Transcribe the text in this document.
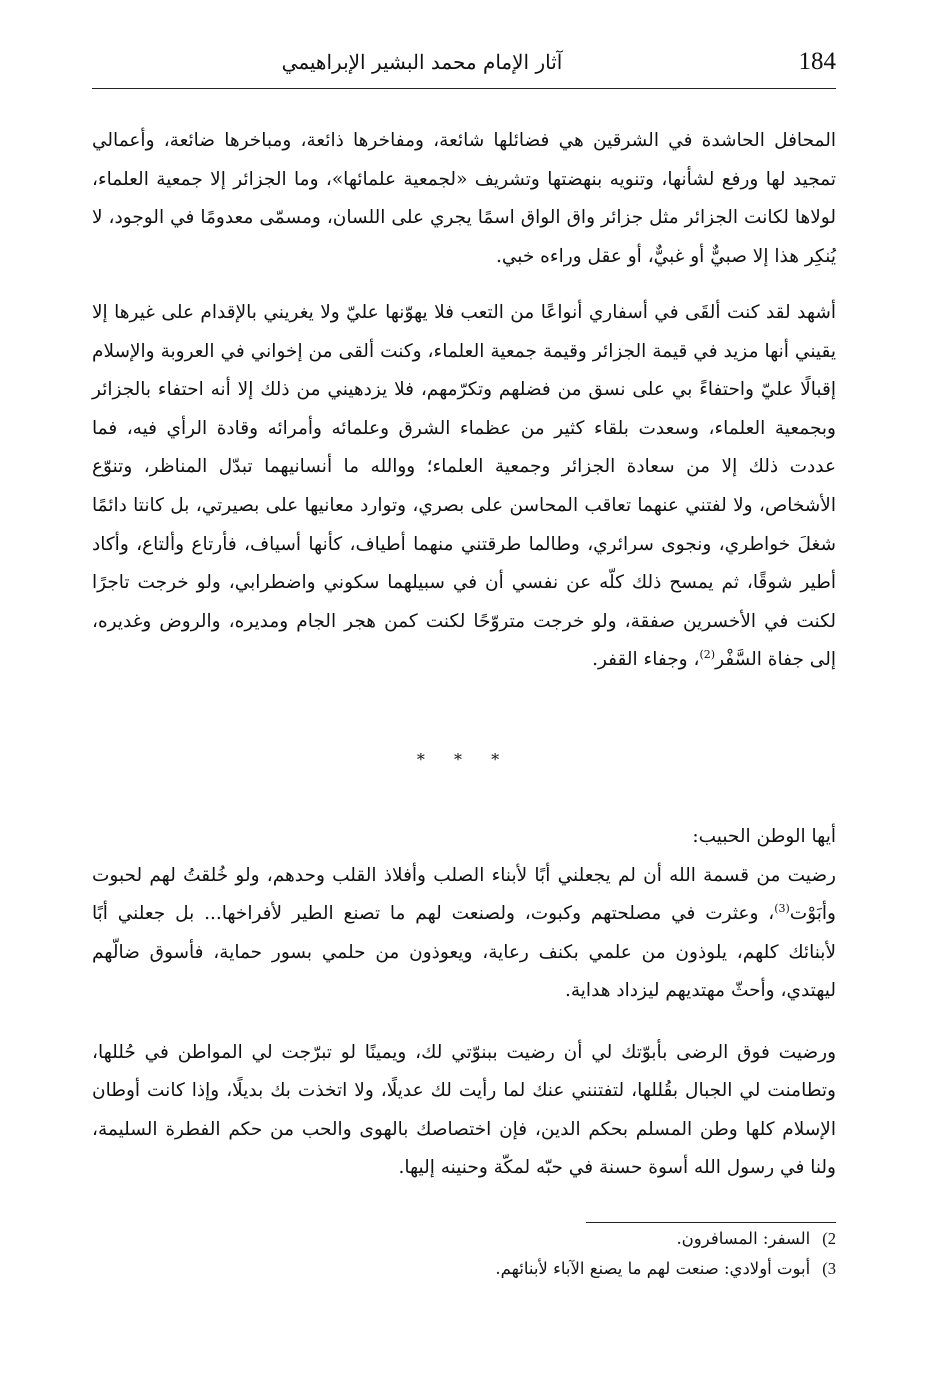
184
آثار الإمام محمد البشير الإبراهيمي

المحافل الحاشدة في الشرقين هي فضائلها شائعة، ومفاخرها ذائعة، ومباخرها ضائعة، وأعمالي تمجيد لها ورفع لشأنها، وتنويه بنهضتها وتشريف «لجمعية علمائها»، وما الجزائر إلا جمعية العلماء، لولاها لكانت الجزائر مثل جزائر واق الواق اسمًا يجري على اللسان، ومسمّى معدومًا في الوجود، لا يُنكِر هذا إلا صبيٌّ أو غبيٌّ، أو عقل وراءه خبي.

أشهد لقد كنت ألقَى في أسفاري أنواعًا من التعب فلا يهوّنها عليّ ولا يغريني بالإقدام على غيرها إلا يقيني أنها مزيد في قيمة الجزائر وقيمة جمعية العلماء، وكنت ألقى من إخواني في العروبة والإسلام إقبالًا عليّ واحتفاءً بي على نسق من فضلهم وتكرّمهم، فلا يزدهيني من ذلك إلا أنه احتفاء بالجزائر وبجمعية العلماء، وسعدت بلقاء كثير من عظماء الشرق وعلمائه وأمرائه وقادة الرأي فيه، فما عددت ذلك إلا من سعادة الجزائر وجمعية العلماء؛ ووالله ما أنسانيهما تبدّل المناظر، وتنوّع الأشخاص، ولا لفتني عنهما تعاقب المحاسن على بصري، وتوارد معانيها على بصيرتي، بل كانتا دائمًا شغلَ خواطري، ونجوى سرائري، وطالما طرقتني منهما أطياف، كأنها أسياف، فأرتاع وألتاع، وأكاد أطير شوقًا، ثم يمسح ذلك كلّه عن نفسي أن في سبيلهما سكوني واضطرابي، ولو خرجت تاجرًا لكنت في الأخسرين صفقة، ولو خرجت متروّحًا لكنت كمن هجر الجام ومديره، والروض وغديره، إلى جفاة السَّفْر$^{(2)}$، وجفاء القفر.

* * *
أيها الوطن الحبيب:

رضيت من قسمة الله أن لم يجعلني أبًا لأبناء الصلب وأفلاذ القلب وحدهم، ولو خُلقتُ لهم لحبوت وأبَوْت$^{(3)}$، وعثرت في مصلحتهم وكبوت، ولصنعت لهم ما تصنع الطير لأفراخها... بل جعلني أبًا لأبنائك كلهم، يلوذون من علمي بكنف رعاية، ويعوذون من حلمي بسور حماية، فأسوق ضالّهم ليهتدي، وأحثّ مهتديهم ليزداد هداية.

ورضيت فوق الرضى بأبوّتك لي أن رضيت ببنوّتي لك، ويمينًا لو تبرّجت لي المواطن في حُللها، وتطامنت لي الجبال بقُللها، لتفتنني عنك لما رأيت لك عديلًا، ولا اتخذت بك بديلًا، وإذا كانت أوطان الإسلام كلها وطن المسلم بحكم الدين، فإن اختصاصك بالهوى والحب من حكم الفطرة السليمة، ولنا في رسول الله أسوة حسنة في حبّه لمكّة وحنينه إليها.

2)السفر: المسافرون.
3)أبوت أولادي: صنعت لهم ما يصنع الآباء لأبنائهم.
